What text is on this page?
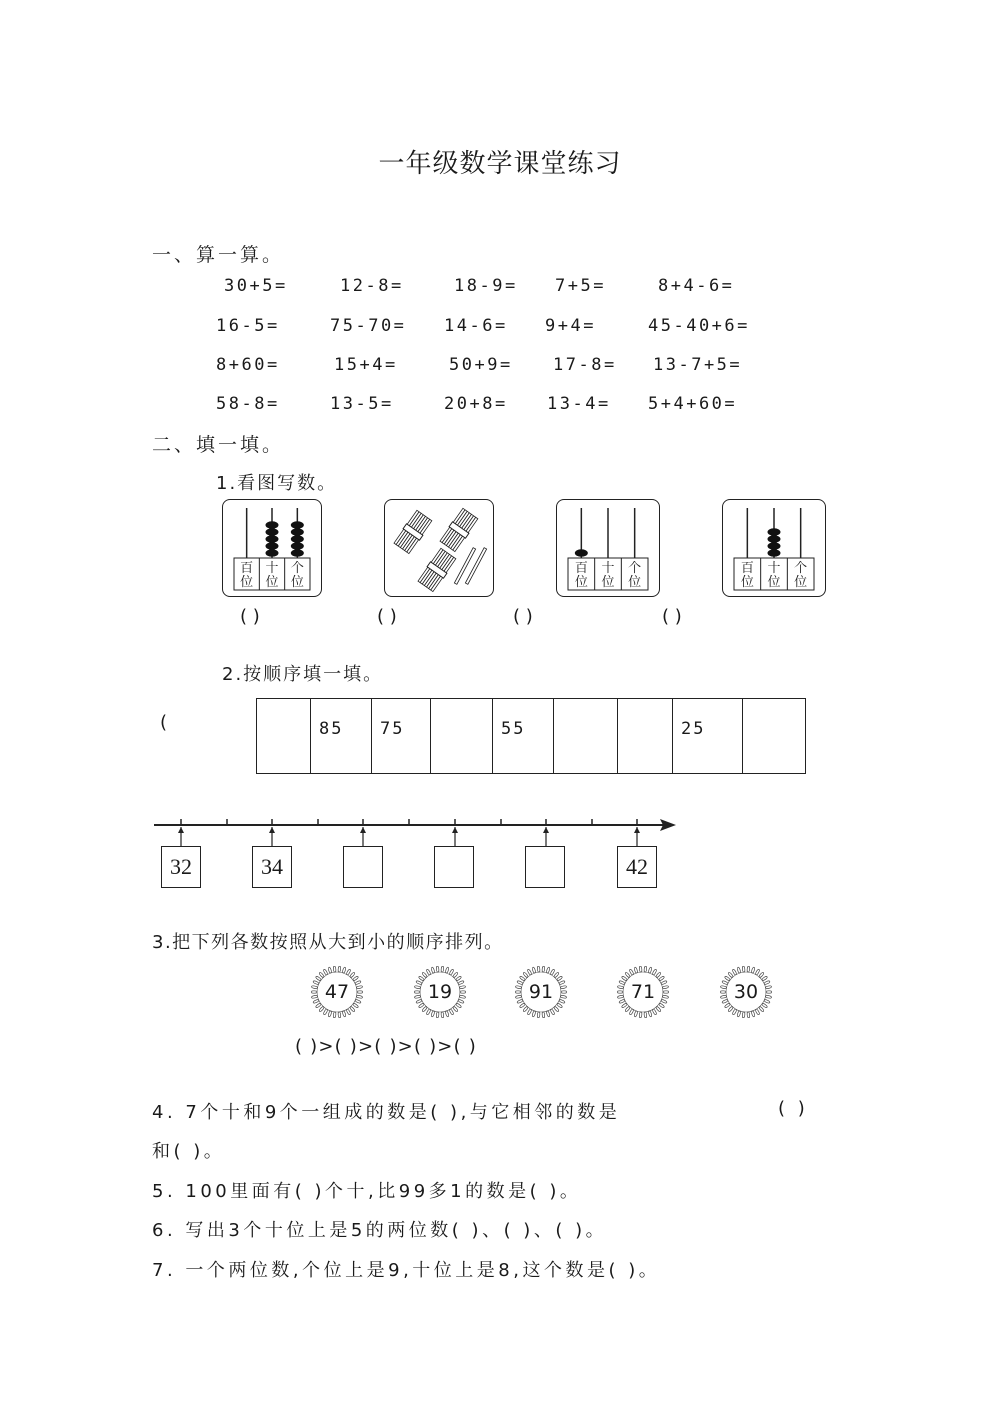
一年级数学课堂练习
一、算一算。
30+5=	12-8=	18-9= 7+5=	8+4-6=
16-5=	75-70= 14-6= 9+4=	45-40+6=
8+60=	15+4=	50+9= 17-8= 13-7+5=
58-8=	13-5=	20+8= 13-4= 5+4+60=
二、填一填。
1.看图写数。
百
位
十
位
个
位
百
位
十
位
个
位
百
位
十
位
个
位
( )	( )	( )	( )
2.按顺序填一填。
(	85	75	55	25
32	34	42
3.把下列各数按照从大到小的顺序排列。
47	19	91	71	30
( )>( )>( )>( )>( )
4. 7个十和9个一组成的数是( ),与它相邻的数是	( )
和( )。
5. 100里面有( )个十,比99多1的数是( )。
6. 写出3个十位上是5的两位数( )、( )、( )。
7. 一个两位数,个位上是9,十位上是8,这个数是( )。
